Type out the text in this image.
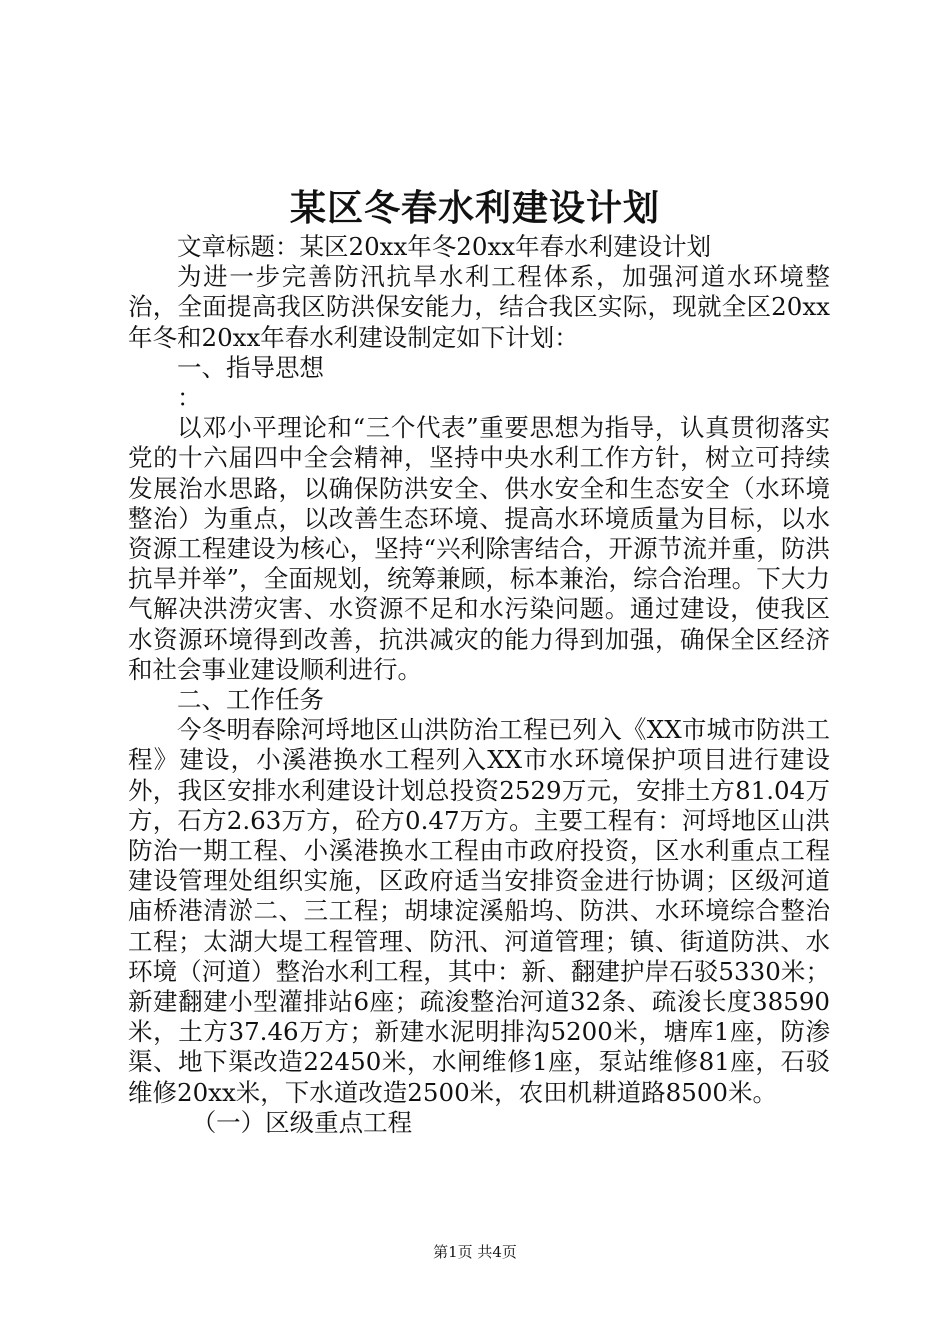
某区冬春水利建设计划

文章标题：某区20xx年冬20xx年春水利建设计划

为进一步完善防汛抗旱水利工程体系，加强河道水环境整治，全面提高我区防洪保安能力，结合我区实际，现就全区20xx年冬和20xx年春水利建设制定如下计划：

一、指导思想

：

以邓小平理论和“三个代表”重要思想为指导，认真贯彻落实党的十六届四中全会精神，坚持中央水利工作方针，树立可持续发展治水思路，以确保防洪安全、供水安全和生态安全（水环境整治）为重点，以改善生态环境、提高水环境质量为目标，以水资源工程建设为核心，坚持“兴利除害结合，开源节流并重，防洪抗旱并举”，全面规划，统筹兼顾，标本兼治，综合治理。下大力气解决洪涝灾害、水资源不足和水污染问题。通过建设，使我区水资源环境得到改善，抗洪减灾的能力得到加强，确保全区经济和社会事业建设顺利进行。

二、工作任务

今冬明春除河埒地区山洪防治工程已列入《XX市城市防洪工程》建设，小溪港换水工程列入XX市水环境保护项目进行建设外，我区安排水利建设计划总投资2529万元，安排土方81.04万方，石方2.63万方，砼方0.47万方。主要工程有：河埒地区山洪防治一期工程、小溪港换水工程由市政府投资，区水利重点工程建设管理处组织实施，区政府适当安排资金进行协调；区级河道庙桥港清淤二、三工程；胡埭淀溪船坞、防洪、水环境综合整治工程；太湖大堤工程管理、防汛、河道管理；镇、街道防洪、水环境（河道）整治水利工程，其中：新、翻建护岸石驳5330米；新建翻建小型灌排站6座；疏浚整治河道32条、疏浚长度38590米，土方37.46万方；新建水泥明排沟5200米，塘库1座，防渗渠、地下渠改造22450米，水闸维修1座，泵站维修81座，石驳维修20xx米，下水道改造2500米，农田机耕道路8500米。

（一）区级重点工程

第1页 共4页
